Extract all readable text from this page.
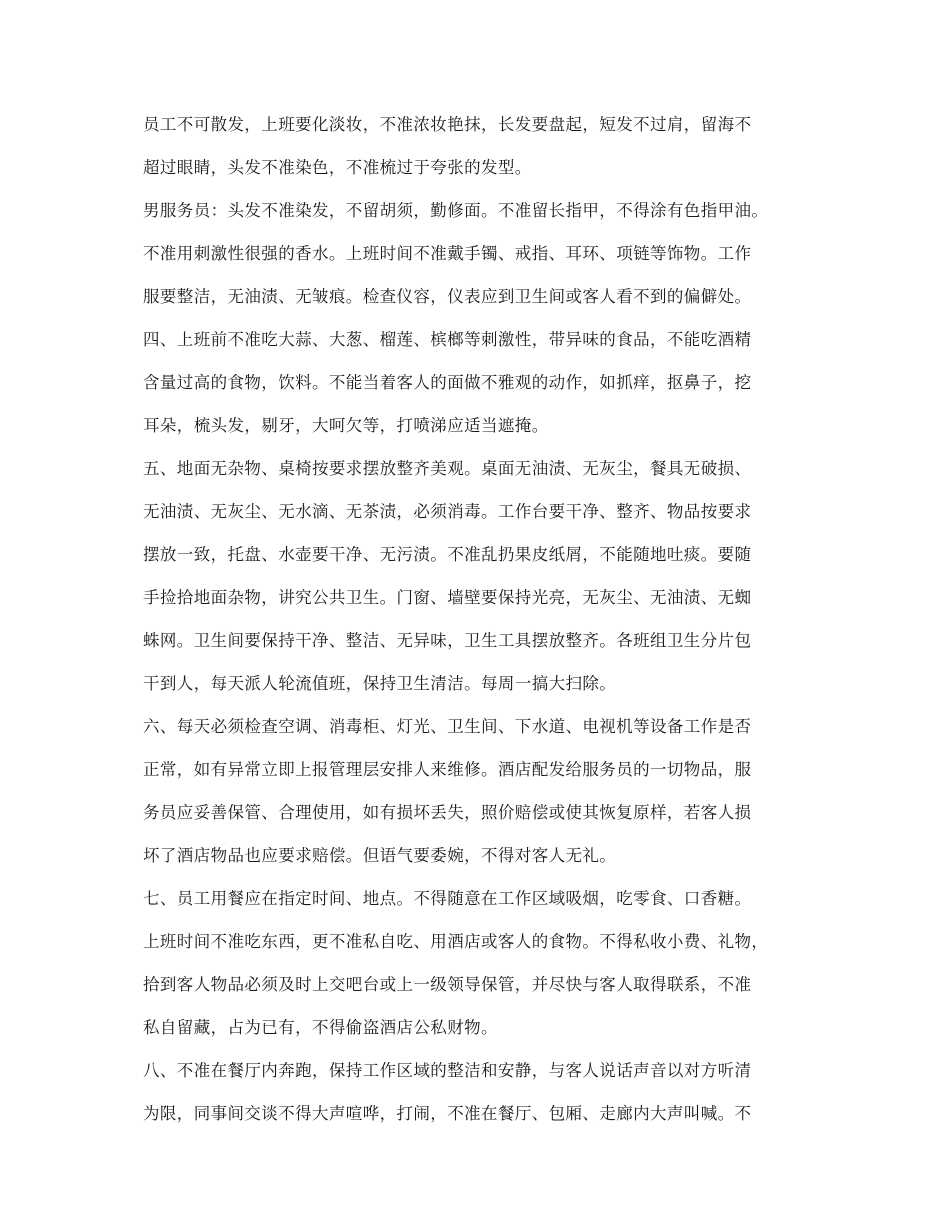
员工不可散发，上班要化淡妆，不准浓妆艳抹，长发要盘起，短发不过肩，留海不
超过眼睛，头发不准染色，不准梳过于夸张的发型。
男服务员：头发不准染发，不留胡须，勤修面。不准留长指甲，不得涂有色指甲油。
不准用刺激性很强的香水。上班时间不准戴手镯、戒指、耳环、项链等饰物。工作
服要整洁，无油渍、无皱痕。检查仪容，仪表应到卫生间或客人看不到的偏僻处。
四、上班前不准吃大蒜、大葱、榴莲、槟榔等刺激性，带异味的食品，不能吃酒精
含量过高的食物，饮料。不能当着客人的面做不雅观的动作，如抓痒，抠鼻子，挖
耳朵，梳头发，剔牙，大呵欠等，打喷涕应适当遮掩。
五、地面无杂物、桌椅按要求摆放整齐美观。桌面无油渍、无灰尘，餐具无破损、
无油渍、无灰尘、无水滴、无茶渍，必须消毒。工作台要干净、整齐、物品按要求
摆放一致，托盘、水壶要干净、无污渍。不准乱扔果皮纸屑，不能随地吐痰。要随
手捡拾地面杂物，讲究公共卫生。门窗、墙壁要保持光亮，无灰尘、无油渍、无蜘
蛛网。卫生间要保持干净、整洁、无异味，卫生工具摆放整齐。各班组卫生分片包
干到人，每天派人轮流值班，保持卫生清洁。每周一搞大扫除。
六、每天必须检查空调、消毒柜、灯光、卫生间、下水道、电视机等设备工作是否
正常，如有异常立即上报管理层安排人来维修。酒店配发给服务员的一切物品，服
务员应妥善保管、合理使用，如有损坏丢失，照价赔偿或使其恢复原样，若客人损
坏了酒店物品也应要求赔偿。但语气要委婉，不得对客人无礼。
七、员工用餐应在指定时间、地点。不得随意在工作区域吸烟，吃零食、口香糖。
上班时间不准吃东西，更不准私自吃、用酒店或客人的食物。不得私收小费、礼物，
拾到客人物品必须及时上交吧台或上一级领导保管，并尽快与客人取得联系，不准
私自留藏，占为已有，不得偷盗酒店公私财物。
八、不准在餐厅内奔跑，保持工作区域的整洁和安静，与客人说话声音以对方听清
为限，同事间交谈不得大声喧哗，打闹，不准在餐厅、包厢、走廊内大声叫喊。不
